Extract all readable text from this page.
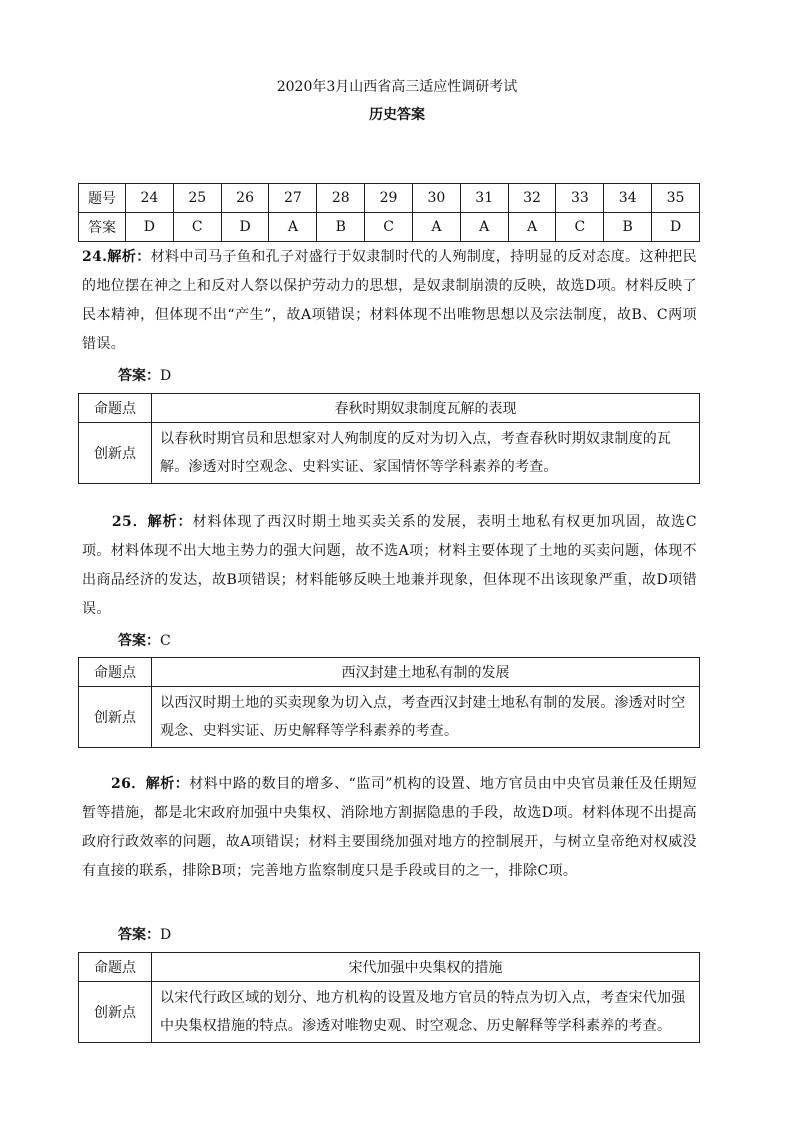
2020年3月山西省高三适应性调研考试
历史答案
题号	24	25	26	27	28	29	30	31	32	33	34	35
答案	D	C	D	A	B	C	A	A	A	C	B	D
24.解析：材料中司马子鱼和孔子对盛行于奴隶制时代的人殉制度，持明显的反对态度。这种把民的地位摆在神之上和反对人祭以保护劳动力的思想，是奴隶制崩溃的反映，故选D项。材料反映了民本精神，但体现不出“产生”，故A项错误；材料体现不出唯物思想以及宗法制度，故B、C两项错误。
答案：D
命题点	春秋时期奴隶制度瓦解的表现
创新点	以春秋时期官员和思想家对人殉制度的反对为切入点，考查春秋时期奴隶制度的瓦解。渗透对时空观念、史料实证、家国情怀等学科素养的考查。
　　25．解析：材料体现了西汉时期土地买卖关系的发展，表明土地私有权更加巩固，故选C项。材料体现不出大地主势力的强大问题，故不选A项；材料主要体现了土地的买卖问题，体现不出商品经济的发达，故B项错误；材料能够反映土地兼并现象，但体现不出该现象严重，故D项错误。
答案：C
命题点	西汉封建土地私有制的发展
创新点	以西汉时期土地的买卖现象为切入点，考查西汉封建土地私有制的发展。渗透对时空观念、史料实证、历史解释等学科素养的考查。
　　26．解析：材料中路的数目的增多、“监司”机构的设置、地方官员由中央官员兼任及任期短暂等措施，都是北宋政府加强中央集权、消除地方割据隐患的手段，故选D项。材料体现不出提高政府行政效率的问题，故A项错误；材料主要围绕加强对地方的控制展开，与树立皇帝绝对权威没有直接的联系，排除B项；完善地方监察制度只是手段或目的之一，排除C项。
答案：D
命题点	宋代加强中央集权的措施
创新点	以宋代行政区域的划分、地方机构的设置及地方官员的特点为切入点，考查宋代加强中央集权措施的特点。渗透对唯物史观、时空观念、历史解释等学科素养的考查。
